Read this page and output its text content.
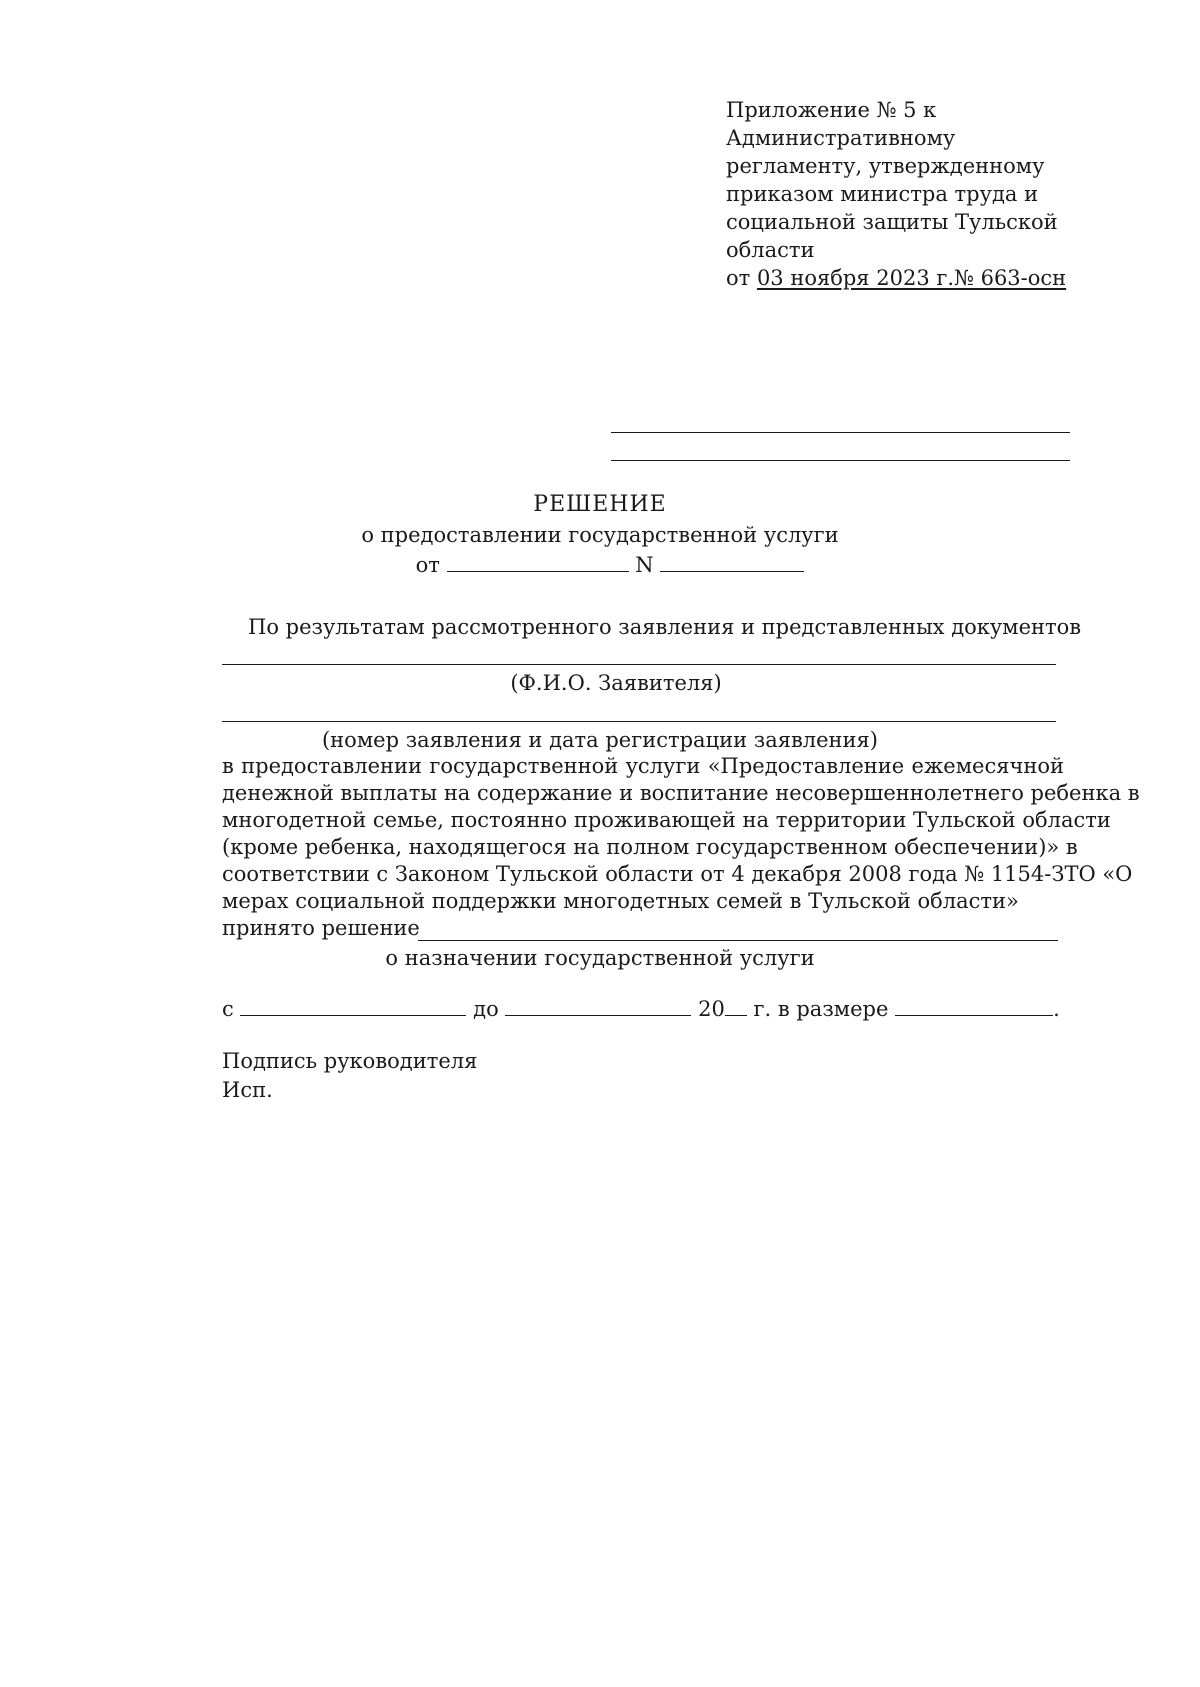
Приложение № 5 к
Административному
регламенту, утвержденному
приказом министра труда и
социальной защиты Тульской
области
от 03 ноября 2023 г.№ 663-осн
РЕШЕНИЕ
о предоставлении государственной услуги
от	N
По результатам рассмотренного заявления и представленных документов
(Ф.И.О. Заявителя)
(номер заявления и дата регистрации заявления)
в предоставлении государственной услуги «Предоставление ежемесячной
денежной выплаты на содержание и воспитание несовершеннолетнего ребенка в
многодетной семье, постоянно проживающей на территории Тульской области
(кроме ребенка, находящегося на полном государственном обеспечении)» в
соответствии с Законом Тульской области от 4 декабря 2008 года № 1154-ЗТО «О
мерах социальной поддержки многодетных семей в Тульской области»
принято решение
о назначении государственной услуги
с	до	20 г. в размере	.
Подпись руководителя
Исп.
